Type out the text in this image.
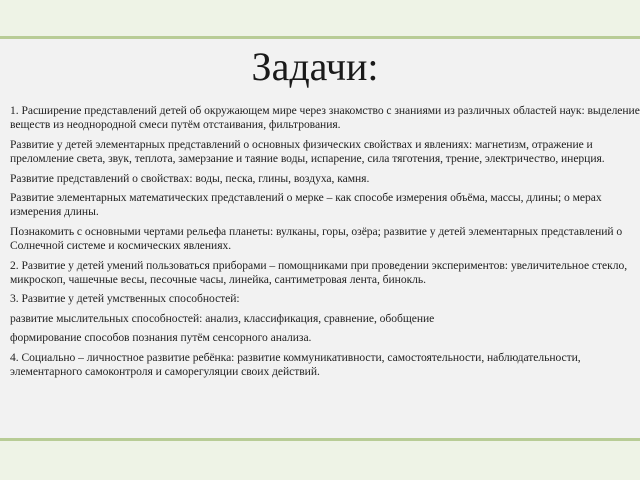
Задачи:

1. Расширение представлений детей об окружающем мире через знакомство с знаниями из различных областей наук: выделение веществ из неоднородной смеси путём отстаивания, фильтрования.

Развитие у детей элементарных представлений о основных физических свойствах и явлениях: магнетизм, отражение и преломление света, звук, теплота, замерзание и таяние воды, испарение, сила тяготения, трение, электричество, инерция.

Развитие представлений о свойствах: воды, песка, глины, воздуха, камня.

Развитие элементарных математических представлений о мерке – как способе измерения объёма, массы, длины; о мерах измерения длины.

Познакомить с основными чертами рельефа планеты: вулканы, горы, озёра; развитие у детей элементарных представлений о Солнечной системе и космических явлениях.

2. Развитие у детей умений пользоваться приборами – помощниками при проведении экспериментов: увеличительное стекло, микроскоп, чашечные весы, песочные часы, линейка, сантиметровая лента, бинокль.

3. Развитие у детей умственных способностей:

развитие мыслительных способностей: анализ, классификация, сравнение, обобщение

формирование способов познания путём сенсорного анализа.

4. Социально – личностное развитие ребёнка: развитие коммуникативности, самостоятельности, наблюдательности, элементарного самоконтроля и саморегуляции своих действий.
